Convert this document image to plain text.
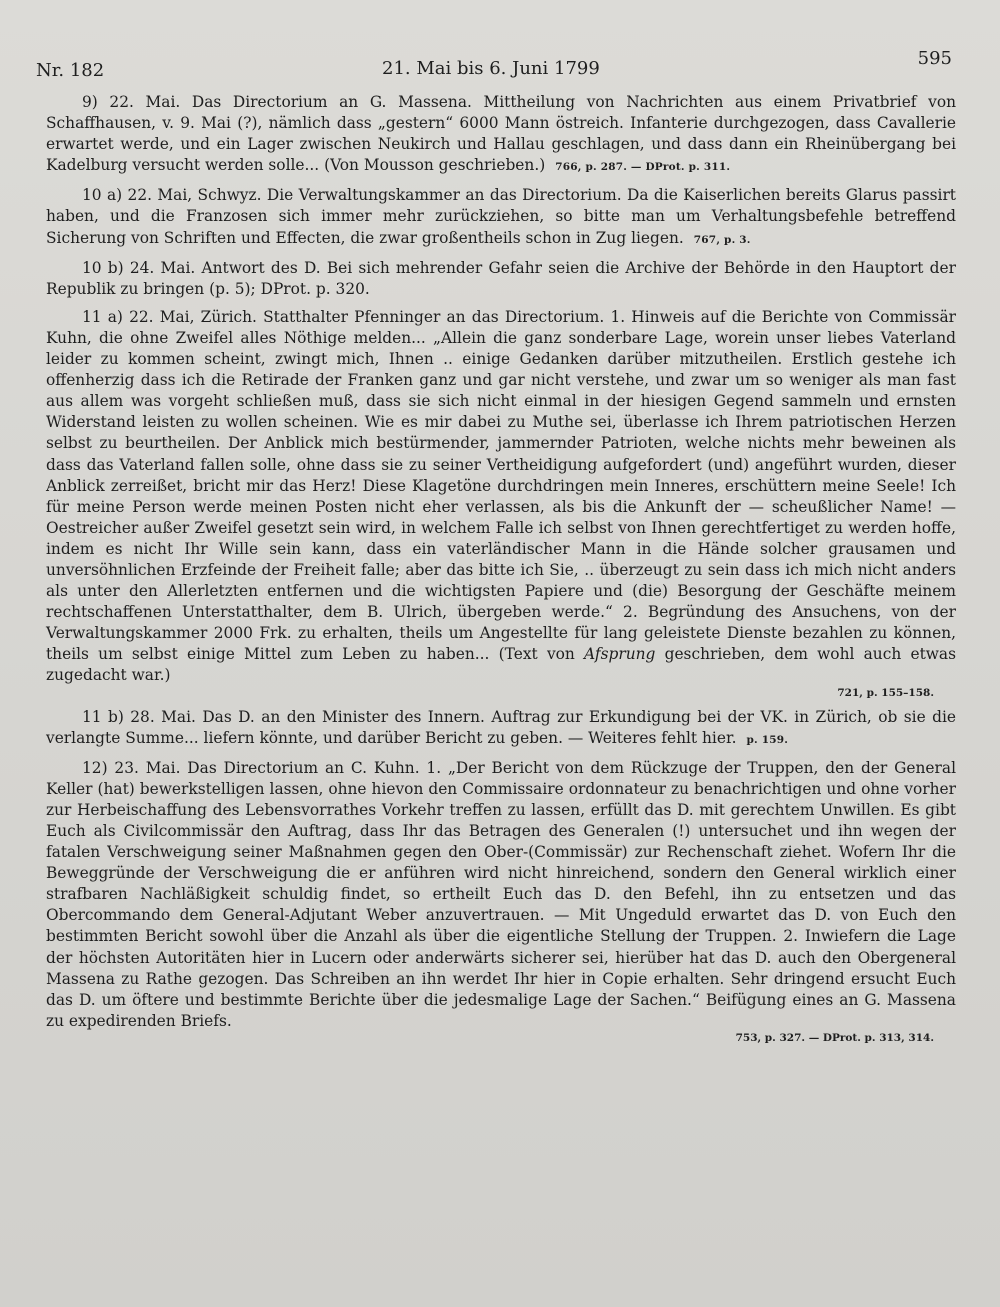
Nr. 182	21. Mai bis 6. Juni 1799	595

9) 22. Mai. Das Directorium an G. Massena. Mittheilung von Nachrichten aus einem Privatbrief von Schaffhausen, v. 9. Mai (?), nämlich dass „gestern“ 6000 Mann östreich. Infanterie durchgezogen, dass Cavallerie erwartet werde, und ein Lager zwischen Neukirch und Hallau geschlagen, und dass dann ein Rheinübergang bei Kadelburg versucht werden solle... (Von Mousson geschrieben.) 766, p. 287. — DProt. p. 311.

10 a) 22. Mai, Schwyz. Die Verwaltungskammer an das Directorium. Da die Kaiserlichen bereits Glarus passirt haben, und die Franzosen sich immer mehr zurückziehen, so bitte man um Verhaltungsbefehle betreffend Sicherung von Schriften und Effecten, die zwar großentheils schon in Zug liegen. 767, p. 3.

10 b) 24. Mai. Antwort des D. Bei sich mehrender Gefahr seien die Archive der Behörde in den Hauptort der Republik zu bringen (p. 5); DProt. p. 320.

11 a) 22. Mai, Zürich. Statthalter Pfenninger an das Directorium. 1. Hinweis auf die Berichte von Commissär Kuhn, die ohne Zweifel alles Nöthige melden... „Allein die ganz sonderbare Lage, worein unser liebes Vaterland leider zu kommen scheint, zwingt mich, Ihnen .. einige Gedanken darüber mitzutheilen. Erstlich gestehe ich offenherzig dass ich die Retirade der Franken ganz und gar nicht verstehe, und zwar um so weniger als man fast aus allem was vorgeht schließen muß, dass sie sich nicht einmal in der hiesigen Gegend sammeln und ernsten Widerstand leisten zu wollen scheinen. Wie es mir dabei zu Muthe sei, überlasse ich Ihrem patriotischen Herzen selbst zu beurtheilen. Der Anblick mich bestürmender, jammernder Patrioten, welche nichts mehr beweinen als dass das Vaterland fallen solle, ohne dass sie zu seiner Vertheidigung aufgefordert (und) angeführt wurden, dieser Anblick zerreißet, bricht mir das Herz! Diese Klagetöne durchdringen mein Inneres, erschüttern meine Seele! Ich für meine Person werde meinen Posten nicht eher verlassen, als bis die Ankunft der — scheußlicher Name! — Oestreicher außer Zweifel gesetzt sein wird, in welchem Falle ich selbst von Ihnen gerechtfertiget zu werden hoffe, indem es nicht Ihr Wille sein kann, dass ein vaterländischer Mann in die Hände solcher grausamen und unversöhnlichen Erzfeinde der Freiheit falle; aber das bitte ich Sie, .. überzeugt zu sein dass ich mich nicht anders als unter den Allerletzten entfernen und die wichtigsten Papiere und (die) Besorgung der Geschäfte meinem rechtschaffenen Unterstatthalter, dem B. Ulrich, übergeben werde.“ 2. Begründung des Ansuchens, von der Verwaltungskammer 2000 Frk. zu erhalten, theils um Angestellte für lang geleistete Dienste bezahlen zu können, theils um selbst einige Mittel zum Leben zu haben... (Text von Afsprung geschrieben, dem wohl auch etwas zugedacht war.)
721, p. 155–158.

11 b) 28. Mai. Das D. an den Minister des Innern. Auftrag zur Erkundigung bei der VK. in Zürich, ob sie die verlangte Summe... liefern könnte, und darüber Bericht zu geben. — Weiteres fehlt hier. p. 159.

12) 23. Mai. Das Directorium an C. Kuhn. 1. „Der Bericht von dem Rückzuge der Truppen, den der General Keller (hat) bewerkstelligen lassen, ohne hievon den Commissaire ordonnateur zu benachrichtigen und ohne vorher zur Herbeischaffung des Lebensvorrathes Vorkehr treffen zu lassen, erfüllt das D. mit gerechtem Unwillen. Es gibt Euch als Civilcommissär den Auftrag, dass Ihr das Betragen des Generalen (!) untersuchet und ihn wegen der fatalen Verschweigung seiner Maßnahmen gegen den Ober-(Commissär) zur Rechenschaft ziehet. Wofern Ihr die Beweggründe der Verschweigung die er anführen wird nicht hinreichend, sondern den General wirklich einer strafbaren Nachläßigkeit schuldig findet, so ertheilt Euch das D. den Befehl, ihn zu entsetzen und das Obercommando dem General-Adjutant Weber anzuvertrauen. — Mit Ungeduld erwartet das D. von Euch den bestimmten Bericht sowohl über die Anzahl als über die eigentliche Stellung der Truppen. 2. Inwiefern die Lage der höchsten Autoritäten hier in Lucern oder anderwärts sicherer sei, hierüber hat das D. auch den Obergeneral Massena zu Rathe gezogen. Das Schreiben an ihn werdet Ihr hier in Copie erhalten. Sehr dringend ersucht Euch das D. um öftere und bestimmte Berichte über die jedesmalige Lage der Sachen.“ Beifügung eines an G. Massena zu expedirenden Briefs.
753, p. 327. — DProt. p. 313, 314.
